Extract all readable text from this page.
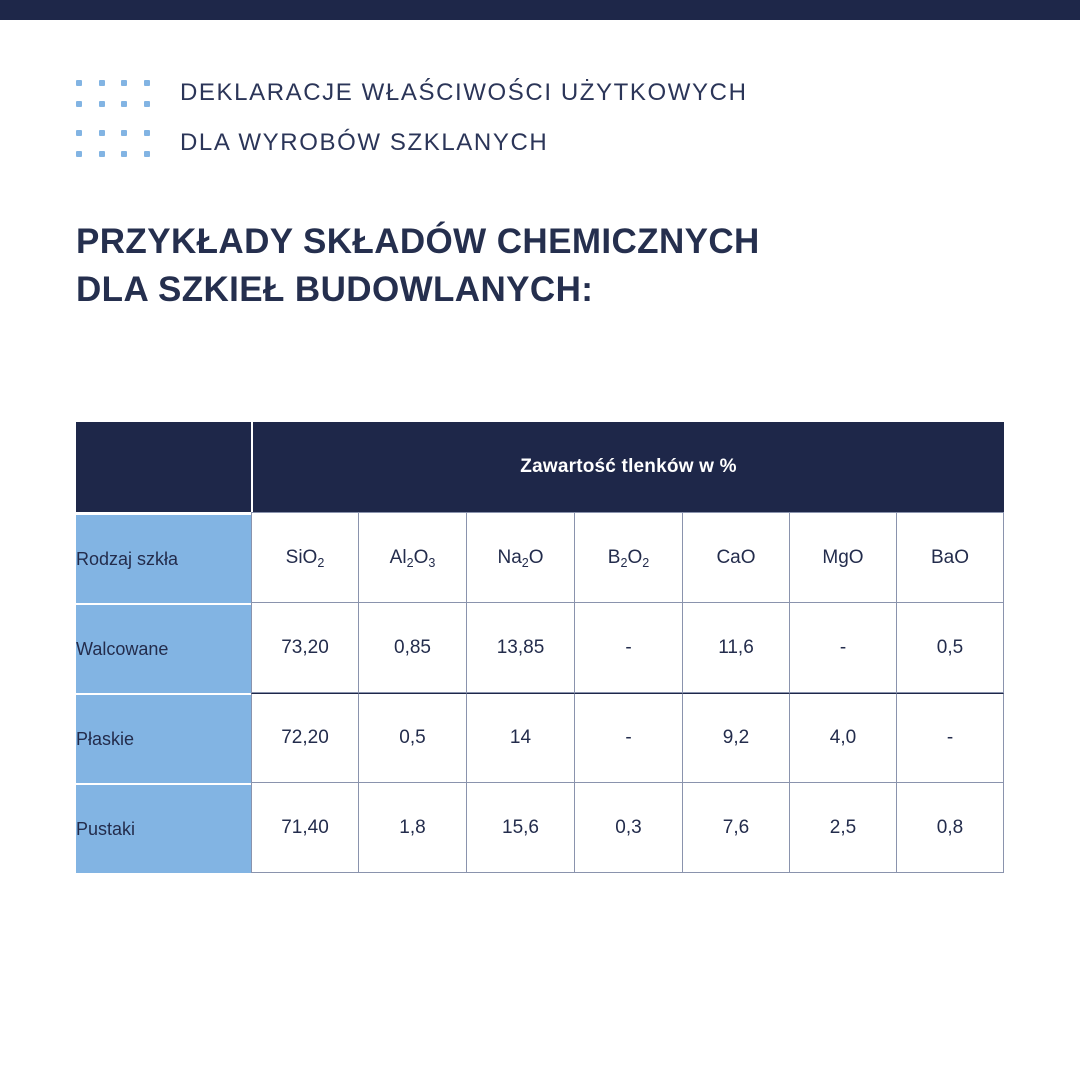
DEKLARACJE WŁAŚCIWOŚCI UŻYTKOWYCH
DLA WYROBÓW SZKLANYCH
PRZYKŁADY SKŁADÓW CHEMICZNYCH
DLA SZKIEŁ BUDOWLANYCH:
	Zawartość tlenków w %						
Rodzaj szkła	SiO$_2$	$Al_2O_3$	$Na_2O$	$B_2O_2$	CaO	MgO	BaO
Walcowane	73,20	0,85	13,85	-	11,6	-	0,5
Płaskie	72,20	0,5	14	-	9,2	4,0	-
Pustaki	71,40	1,8	15,6	0,3	7,6	2,5	0,8
